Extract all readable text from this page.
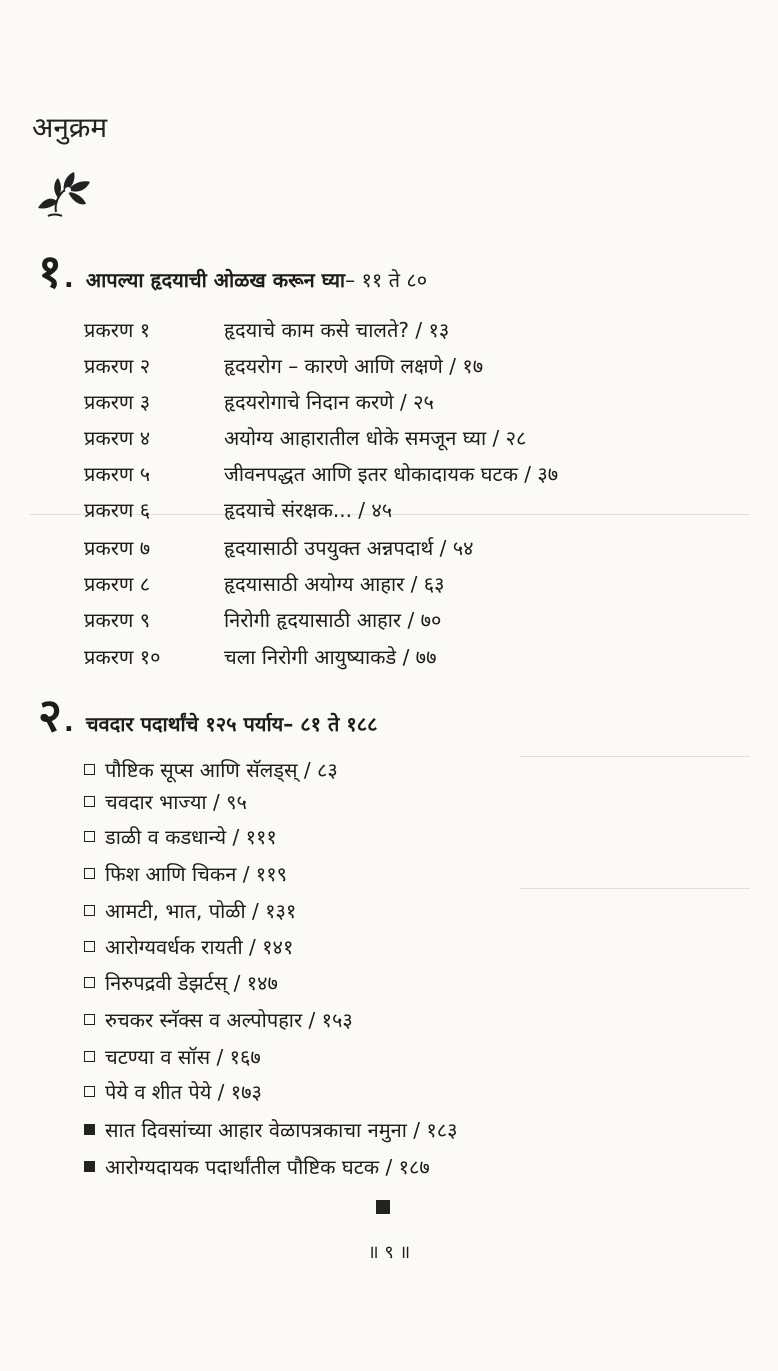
अनुक्रम
१ . आपल्या हृदयाची ओळख करून घ्या – ११ ते ८०
प्रकरण १	हृदयाचे काम कसे चालते? / १३
प्रकरण २	हृदयरोग – कारणे आणि लक्षणे / १७
प्रकरण ३	हृदयरोगाचे निदान करणे / २५
प्रकरण ४	अयोग्य आहारातील धोके समजून घ्या / २८
प्रकरण ५	जीवनपद्धत आणि इतर धोकादायक घटक / ३७
प्रकरण ६	हृदयाचे संरक्षक... / ४५
प्रकरण ७	हृदयासाठी उपयुक्त अन्नपदार्थ / ५४
प्रकरण ८	हृदयासाठी अयोग्य आहार / ६३
प्रकरण ९	निरोगी हृदयासाठी आहार / ७०
प्रकरण १०	चला निरोगी आयुष्याकडे / ७७
२ . चवदार पदार्थांचे १२५ पर्याय – ८१ ते १८८
पौष्टिक सूप्स आणि सॅलड्स् / ८३
चवदार भाज्या / ९५
डाळी व कडधान्ये / १११
फिश आणि चिकन / ११९
आमटी, भात, पोळी / १३१
आरोग्यवर्धक रायती / १४१
निरुपद्रवी डेझर्टस् / १४७
रुचकर स्नॅक्स व अल्पोपहार / १५३
चटण्या व सॉस / १६७
पेये व शीत पेये / १७३
सात दिवसांच्या आहार वेळापत्रकाचा नमुना / १८३
आरोग्यदायक पदार्थांतील पौष्टिक घटक / १८७
॥ ९ ॥
